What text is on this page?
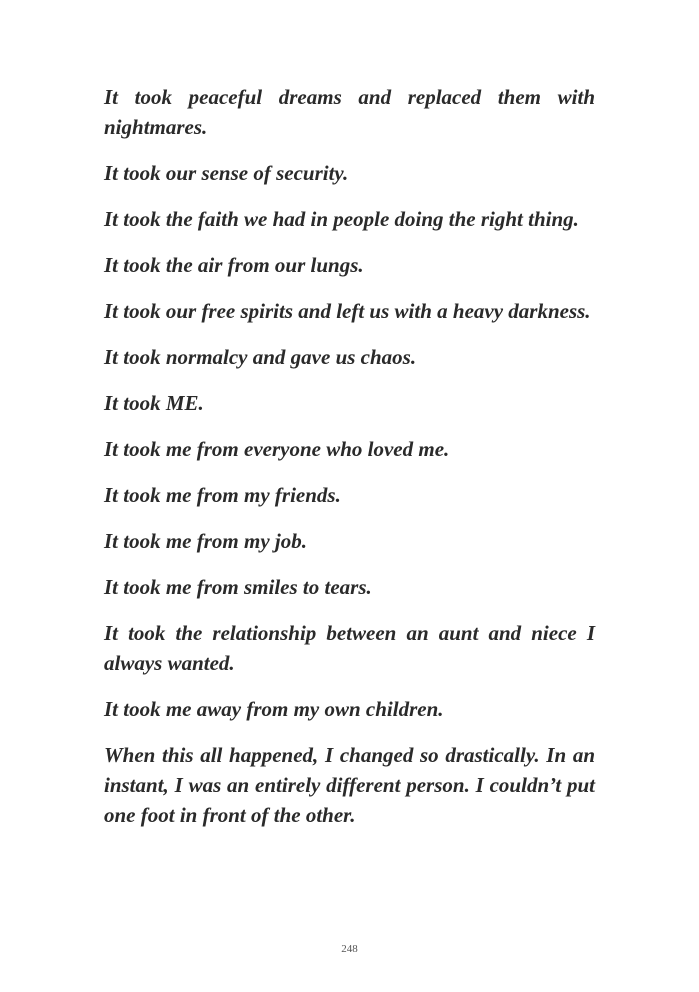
It took peaceful dreams and replaced them with nightmares.

It took our sense of security.

It took the faith we had in people doing the right thing.

It took the air from our lungs.

It took our free spirits and left us with a heavy darkness.

It took normalcy and gave us chaos.

It took ME.

It took me from everyone who loved me.

It took me from my friends.

It took me from my job.

It took me from smiles to tears.

It took the relationship between an aunt and niece I always wanted.

It took me away from my own children.

When this all happened, I changed so drastically. In an instant, I was an entirely different person. I couldn’t put one foot in front of the other.

248
